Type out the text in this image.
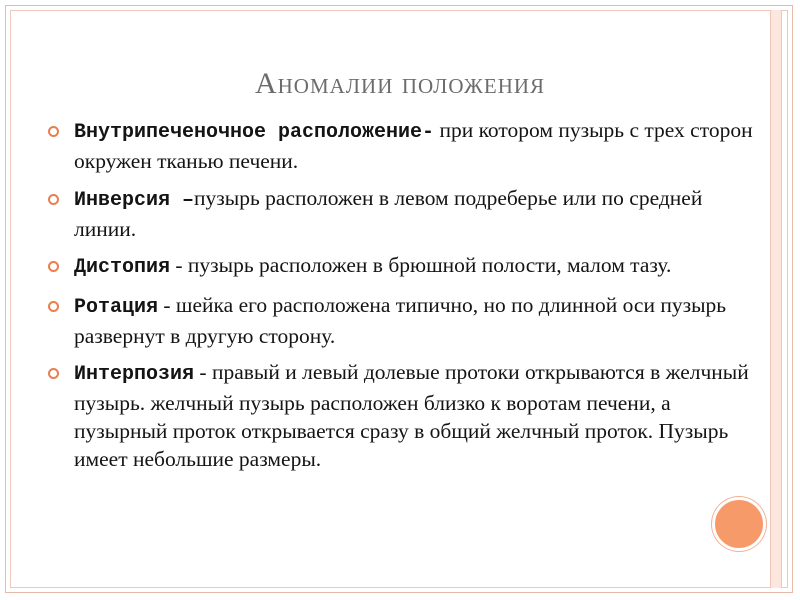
Аномалии положения
Внутрипеченочное расположение- при котором пузырь с трех сторон окружен тканью печени.
Инверсия –пузырь расположен в левом подреберье или по средней линии.
Дистопия - пузырь расположен в брюшной полости, малом тазу.
Ротация - шейка его расположена типично, но по длинной оси пузырь развернут в другую сторону.
Интерпозия - правый и левый долевые протоки открываются в желчный пузырь. желчный пузырь расположен близко к воротам печени, а пузырный проток открывается сразу в общий желчный проток. Пузырь имеет небольшие размеры.
